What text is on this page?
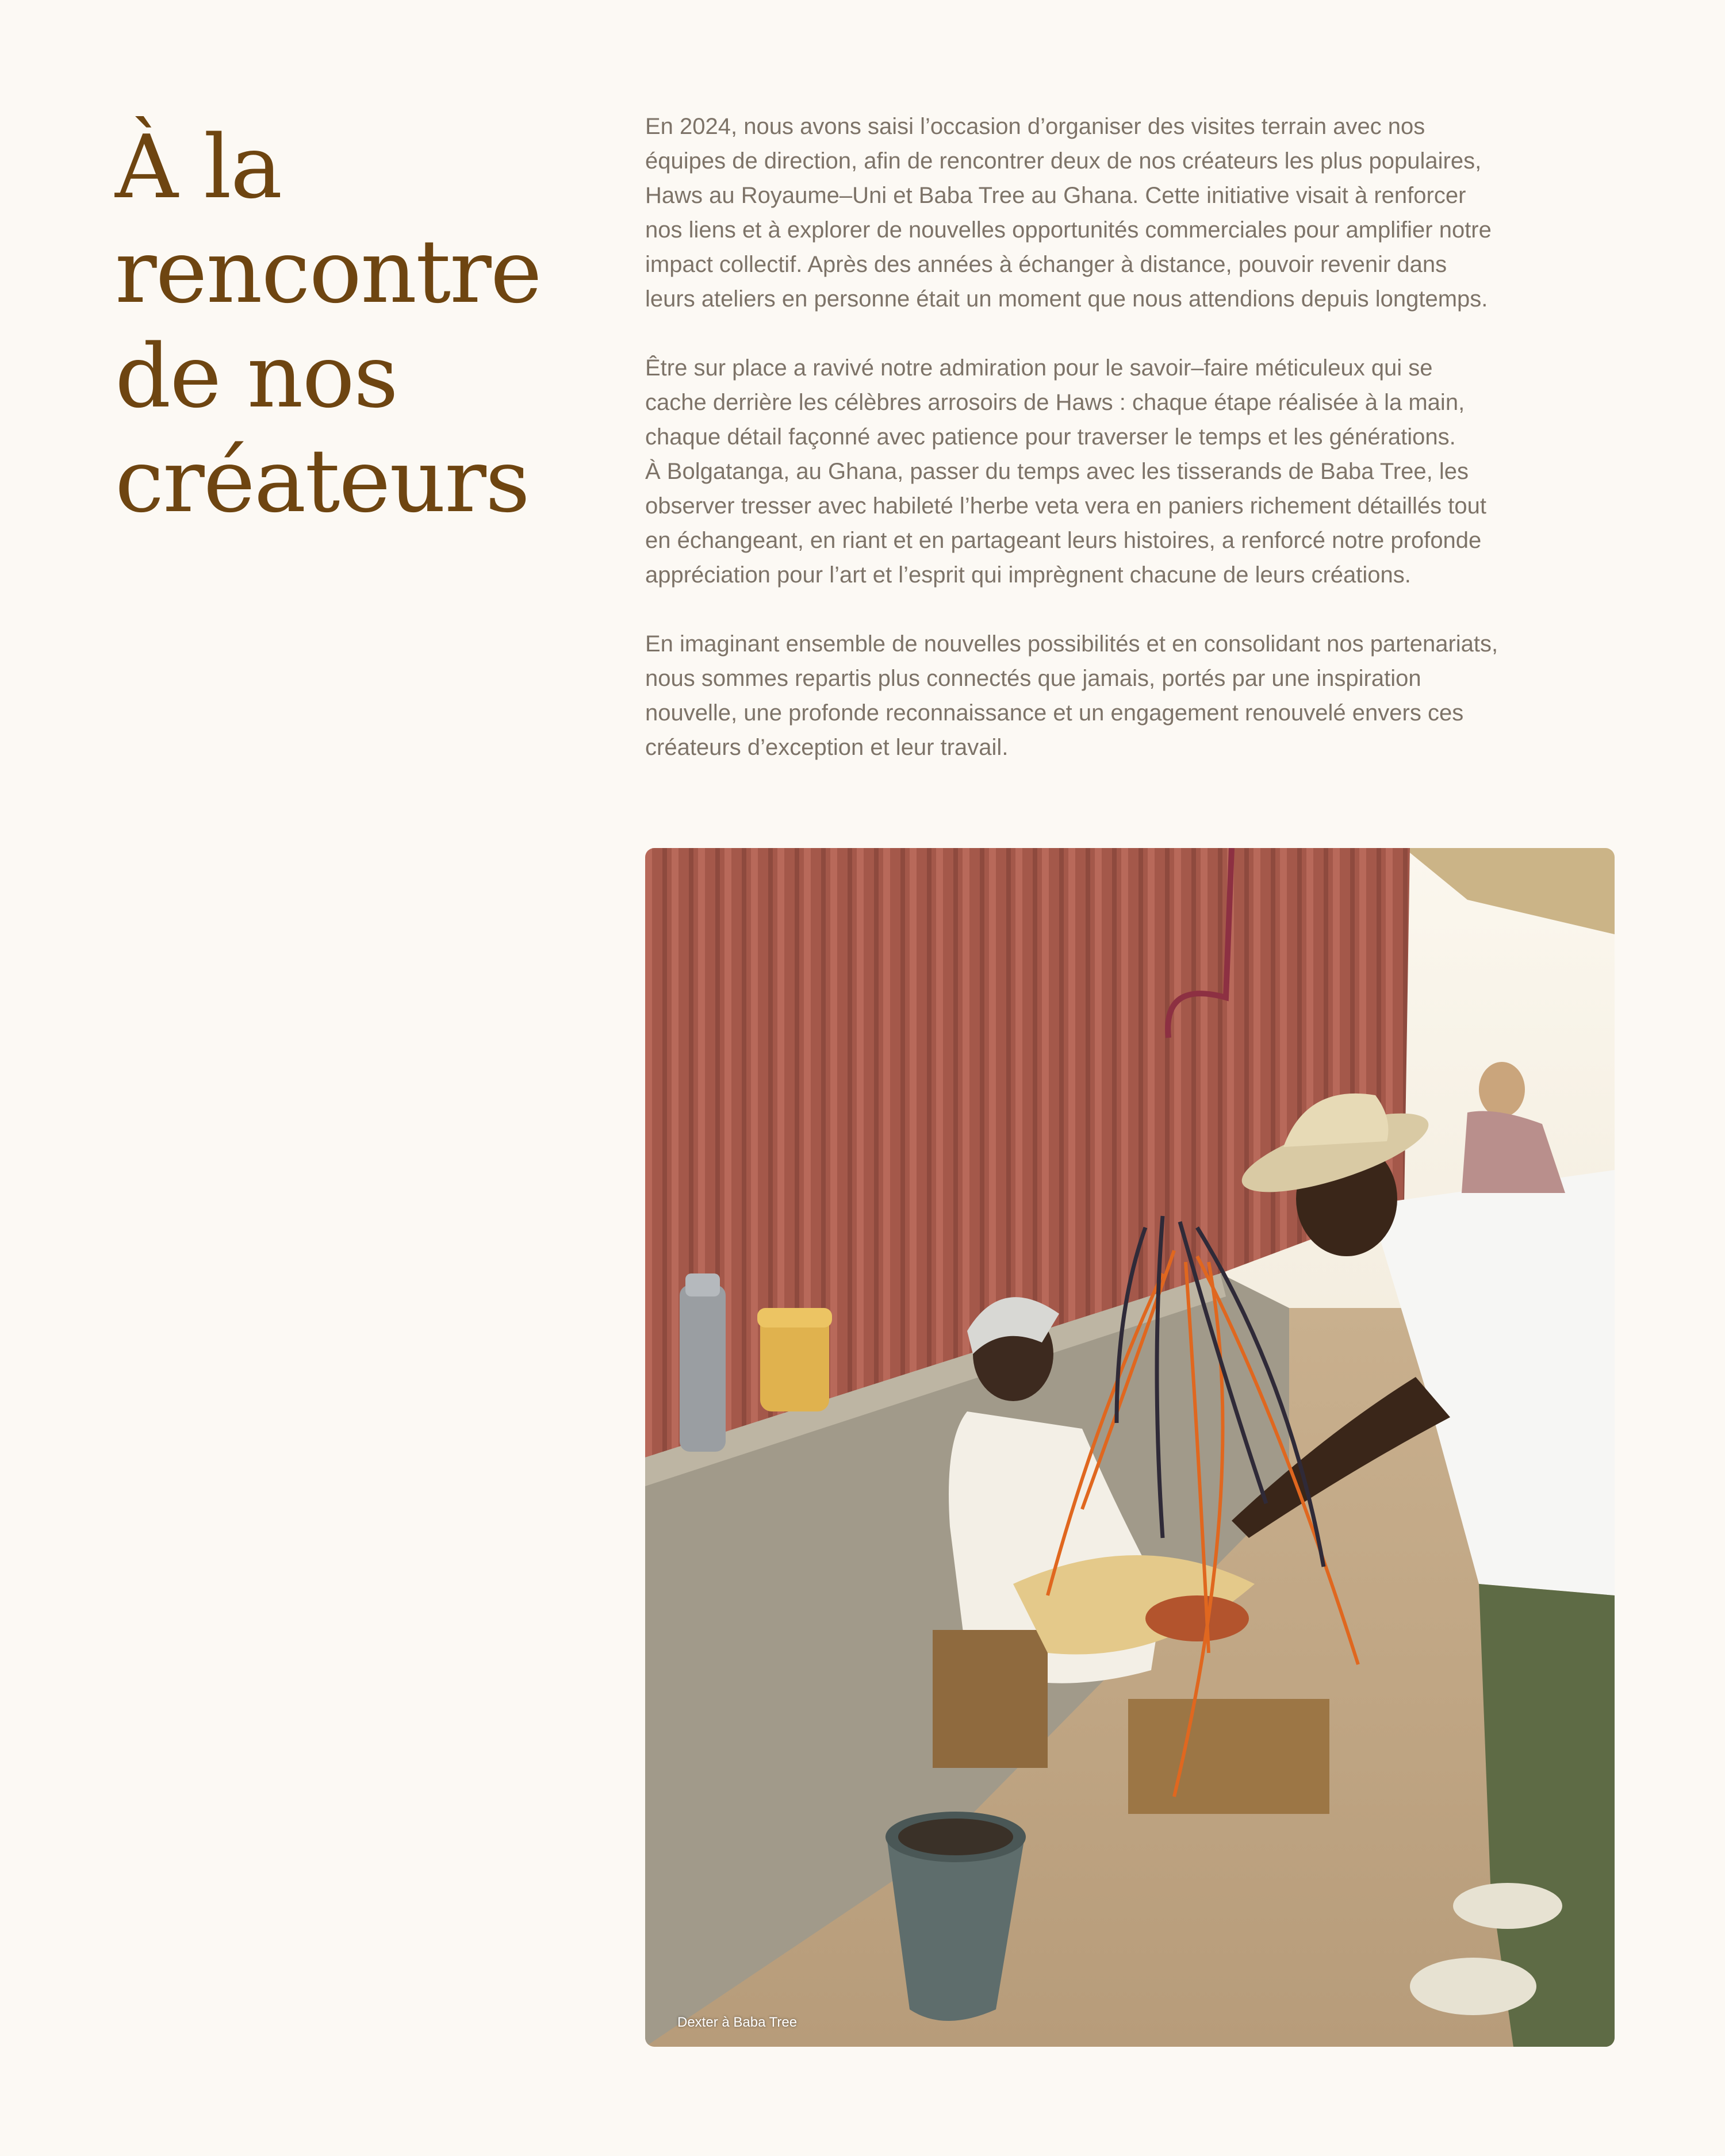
À la
rencontre
de nos
créateurs

En 2024, nous avons saisi l’occasion d’organiser des visites terrain avec nos
équipes de direction, afin de rencontrer deux de nos créateurs les plus populaires,
Haws au Royaume–Uni et Baba Tree au Ghana. Cette initiative visait à renforcer
nos liens et à explorer de nouvelles opportunités commerciales pour amplifier notre
impact collectif. Après des années à échanger à distance, pouvoir revenir dans
leurs ateliers en personne était un moment que nous attendions depuis longtemps.

Être sur place a ravivé notre admiration pour le savoir–faire méticuleux qui se
cache derrière les célèbres arrosoirs de Haws : chaque étape réalisée à la main,
chaque détail façonné avec patience pour traverser le temps et les générations.
À Bolgatanga, au Ghana, passer du temps avec les tisserands de Baba Tree, les
observer tresser avec habileté l’herbe veta vera en paniers richement détaillés tout
en échangeant, en riant et en partageant leurs histoires, a renforcé notre profonde
appréciation pour l’art et l’esprit qui imprègnent chacune de leurs créations.

En imaginant ensemble de nouvelles possibilités et en consolidant nos partenariats,
nous sommes repartis plus connectés que jamais, portés par une inspiration
nouvelle, une profonde reconnaissance et un engagement renouvelé envers ces
créateurs d’exception et leur travail.

Dexter à Baba Tree
